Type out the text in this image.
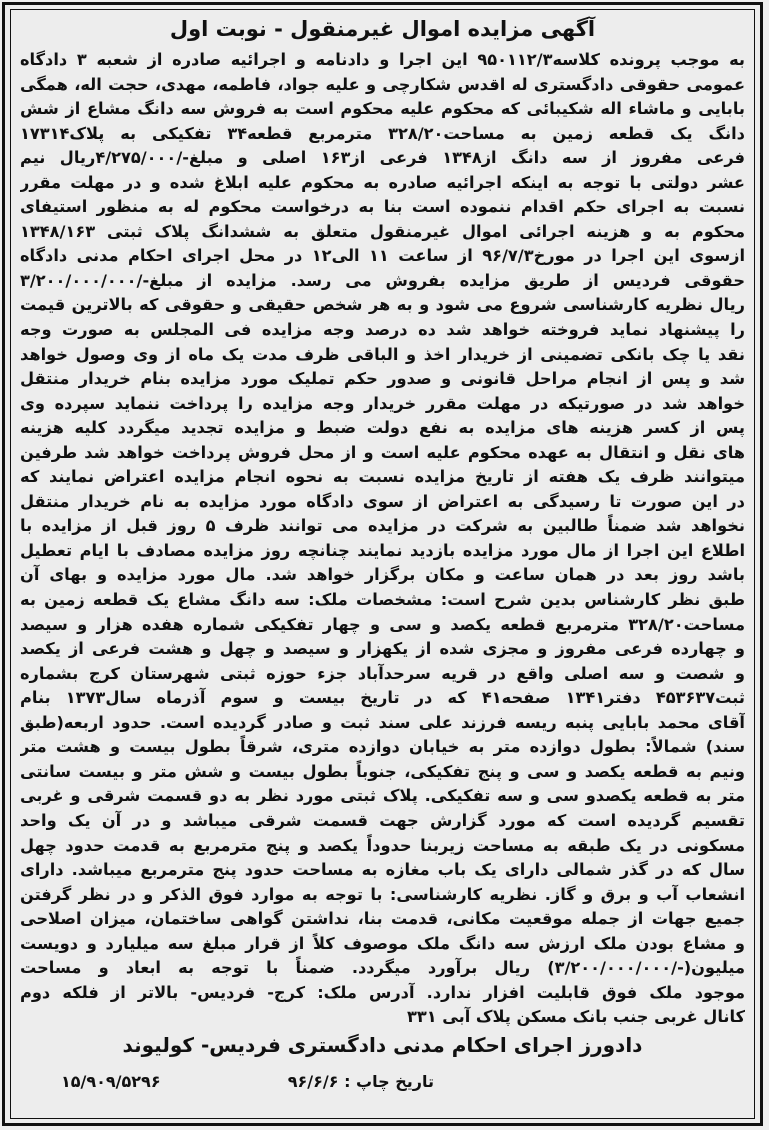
آگهی مزایده اموال غیرمنقول - نوبت اول
به موجب پرونده کلاسه۹۵۰۱۱۲/۳ این اجرا و دادنامه و اجرائیه صادره از شعبه ۳ دادگاه
عمومی حقوقی دادگستری له اقدس شکارچی و علیه جواد، فاطمه، مهدی، حجت اله، همگی
بابایی و ماشاء اله شکیبائی که محکوم علیه محکوم است به فروش سه دانگ مشاع از شش
دانگ یک قطعه زمین به مساحت۳۲۸/۲۰ مترمربع قطعه۳۴ تفکیکی به پلاک۱۷۳۱۴
فرعی مفروز از سه دانگ از۱۳۴۸ فرعی از۱۶۳ اصلی و مبلغ-/۴/۲۷۵/۰۰۰ریال نیم
عشر دولتی با توجه به اینکه اجرائیه صادره به محکوم علیه ابلاغ شده و در مهلت مقرر
نسبت به اجرای حکم اقدام ننموده است بنا به درخواست محکوم له به منظور استیفای
محکوم به و هزینه اجرائی اموال غیرمنقول متعلق به ششدانگ پلاک ثبتی ۱۳۴۸/۱۶۳
ازسوی این اجرا در مورخ۹۶/۷/۳ از ساعت ۱۱ الی۱۲ در محل اجرای احکام مدنی دادگاه
حقوقی فردیس از طریق مزایده بفروش می رسد. مزایده از مبلغ-/۳/۲۰۰/۰۰۰/۰۰۰
ریال نظریه کارشناسی شروع می شود و به هر شخص حقیقی و حقوقی که بالاترین قیمت
را پیشنهاد نماید فروخته خواهد شد ده درصد وجه مزایده فی المجلس به صورت وجه
نقد یا چک بانکی تضمینی از خریدار اخذ و الباقی ظرف مدت یک ماه از وی وصول خواهد
شد و پس از انجام مراحل قانونی و صدور حکم تملیک مورد مزایده بنام خریدار منتقل
خواهد شد در صورتیکه در مهلت مقرر خریدار وجه مزایده را پرداخت ننماید سپرده وی
پس از کسر هزینه های مزایده به نفع دولت ضبط و مزایده تجدید میگردد کلیه هزینه
های نقل و انتقال به عهده محکوم علیه است و از محل فروش پرداخت خواهد شد طرفین
میتوانند ظرف یک هفته از تاریخ مزایده نسبت به نحوه انجام مزایده اعتراض نمایند که
در این صورت تا رسیدگی به اعتراض از سوی دادگاه مورد مزایده به نام خریدار منتقل
نخواهد شد ضمناً طالبین به شرکت در مزایده می توانند ظرف ۵ روز قبل از مزایده با
اطلاع این اجرا از مال مورد مزایده بازدید نمایند چنانچه روز مزایده مصادف با ایام تعطیل
باشد روز بعد در همان ساعت و مکان برگزار خواهد شد. مال مورد مزایده و بهای آن
طبق نظر کارشناس بدین شرح است: مشخصات ملک: سه دانگ مشاع یک قطعه زمین به
مساحت۳۲۸/۲۰ مترمربع قطعه یکصد و سی و چهار تفکیکی شماره هفده هزار و سیصد
و چهارده فرعی مفروز و مجزی شده از یکهزار و سیصد و چهل و هشت فرعی از یکصد
و شصت و سه اصلی واقع در قریه سرحدآباد جزء حوزه ثبتی شهرستان کرج بشماره
ثبت۴۵۳۶۳۷ دفتر۱۳۴۱ صفحه۴۱ که در تاریخ بیست و سوم آذرماه سال۱۳۷۳ بنام
آقای محمد بابایی پنبه ریسه فرزند علی سند ثبت و صادر گردیده است. حدود اربعه(طبق
سند) شمالاً: بطول دوازده متر به خیابان دوازده متری، شرقاً بطول بیست و هشت متر
ونیم به قطعه یکصد و سی و پنج تفکیکی، جنوباً بطول بیست و شش متر و بیست سانتی
متر به قطعه یکصدو سی و سه تفکیکی. پلاک ثبتی مورد نظر به دو قسمت شرقی و غربی
تقسیم گردیده است که مورد گزارش جهت قسمت شرقی میباشد و در آن یک واحد
مسکونی در یک طبقه به مساحت زیربنا حدوداً یکصد و پنج مترمربع به قدمت حدود چهل
سال که در گذر شمالی دارای یک باب مغازه به مساحت حدود پنج مترمربع میباشد. دارای
انشعاب آب و برق و گاز. نظریه کارشناسی: با توجه به موارد فوق الذکر و در نظر گرفتن
جمیع جهات از جمله موقعیت مکانی، قدمت بنا، نداشتن گواهی ساختمان، میزان اصلاحی
و مشاع بودن ملک ارزش سه دانگ ملک موصوف کلاً از قرار مبلغ سه میلیارد و دویست
میلیون(-/۳/۲۰۰/۰۰۰/۰۰۰) ریال برآورد میگردد. ضمناً با توجه به ابعاد و مساحت
موجود ملک فوق قابلیت افزار ندارد. آدرس ملک: کرج- فردیس- بالاتر از فلکه دوم
کانال غربی جنب بانک مسکن پلاک آبی ۳۳۱
دادورز اجرای احکام مدنی دادگستری فردیس- کولیوند
تاریخ چاپ : ۹۶/۶/۶
۱۵/۹۰۹/۵۲۹۶
